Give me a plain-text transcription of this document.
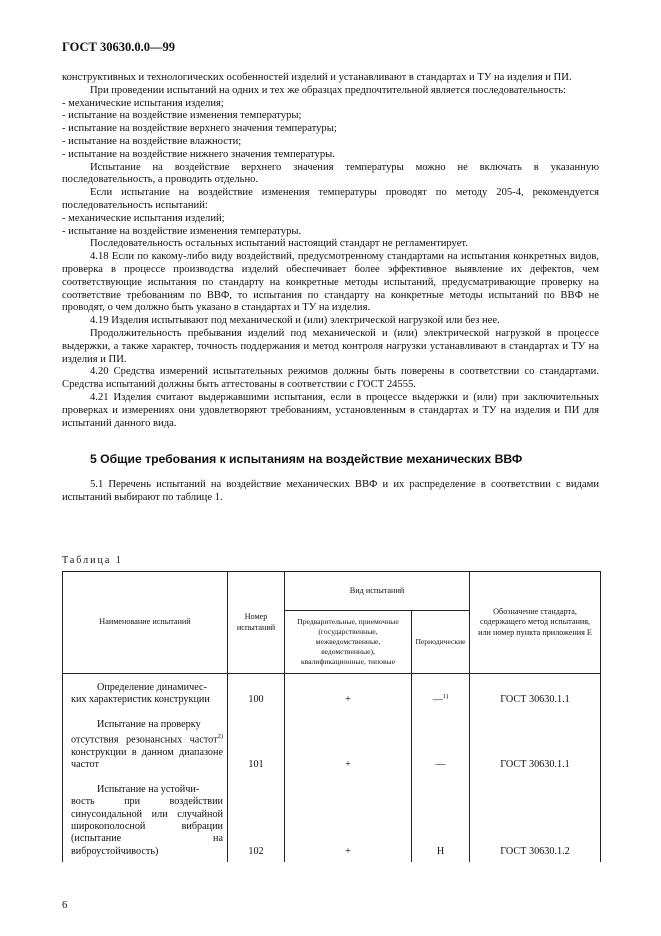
ГОСТ 30630.0.0—99

конструктивных и технологических особенностей изделий и устанавливают в стандартах и ТУ на изделия и ПИ.

При проведении испытаний на одних и тех же образцах предпочтительной является последовательность:

- механические испытания изделия;

- испытание на воздействие изменения температуры;

- испытание на воздействие верхнего значения температуры;

- испытание на воздействие влажности;

- испытание на воздействие нижнего значения температуры.

Испытание на воздействие верхнего значения температуры можно не включать в указанную последовательность, а проводить отдельно.

Если испытание на воздействие изменения температуры проводят по методу 205-4, рекомендуется последовательность испытаний:

- механические испытания изделий;

- испытание на воздействие изменения температуры.

Последовательность остальных испытаний настоящий стандарт не регламентирует.

4.18 Если по какому-либо виду воздействий, предусмотренному стандартами на испытания конкретных видов, проверка в процессе производства изделий обеспечивает более эффективное выявление их дефектов, чем соответствующие испытания по стандарту на конкретные методы испытаний, предусматривающие проверку на соответствие требованиям по ВВФ, то испытания по стандарту на конкретные методы испытаний по ВВФ не проводят, о чем должно быть указано в стандартах и ТУ на изделия.

4.19 Изделия испытывают под механической и (или) электрической нагрузкой или без нее.

Продолжительность пребывания изделий под механической и (или) электрической нагрузкой в процессе выдержки, а также характер, точность поддержания и метод контроля нагрузки устанавливают в стандартах и ТУ на изделия и ПИ.

4.20 Средства измерений испытательных режимов должны быть поверены в соответствии со стандартами. Средства испытаний должны быть аттестованы в соответствии с ГОСТ 24555.

4.21 Изделия считают выдержавшими испытания, если в процессе выдержки и (или) при заключительных проверках и измерениях они удовлетворяют требованиям, установленным в стандартах и ТУ на изделия и ПИ для испытаний данного вида.

5 Общие требования к испытаниям на воздействие механических ВВФ

5.1 Перечень испытаний на воздействие механических ВВФ и их распределение в соответствии с видами испытаний выбирают по таблице 1.

Таблица 1
Наименование испытаний	Номер испытаний	Вид испытаний		Обозначение стандарта, содержащего метод испытания, или номер пункта приложения Е
		Предварительные, приемочные (государственные, межведомственные, ведомственные), квалификационные, типовые	Периодические	

Определение динамичес-
ких характеристик конструкции	100	+	—$^{1)}$	ГОСТ 30630.1.1

Испытание на проверку
отсутствия резонансных частот$^{2)}$ конструкции в данном диапазоне частот	101	+	—	ГОСТ 30630.1.1

Испытание на устойчи-
вость при воздействии синусоидальной или случайной широкополосной вибрации (испытание на виброустойчивость)	102	+	Н	ГОСТ 30630.1.2
6
